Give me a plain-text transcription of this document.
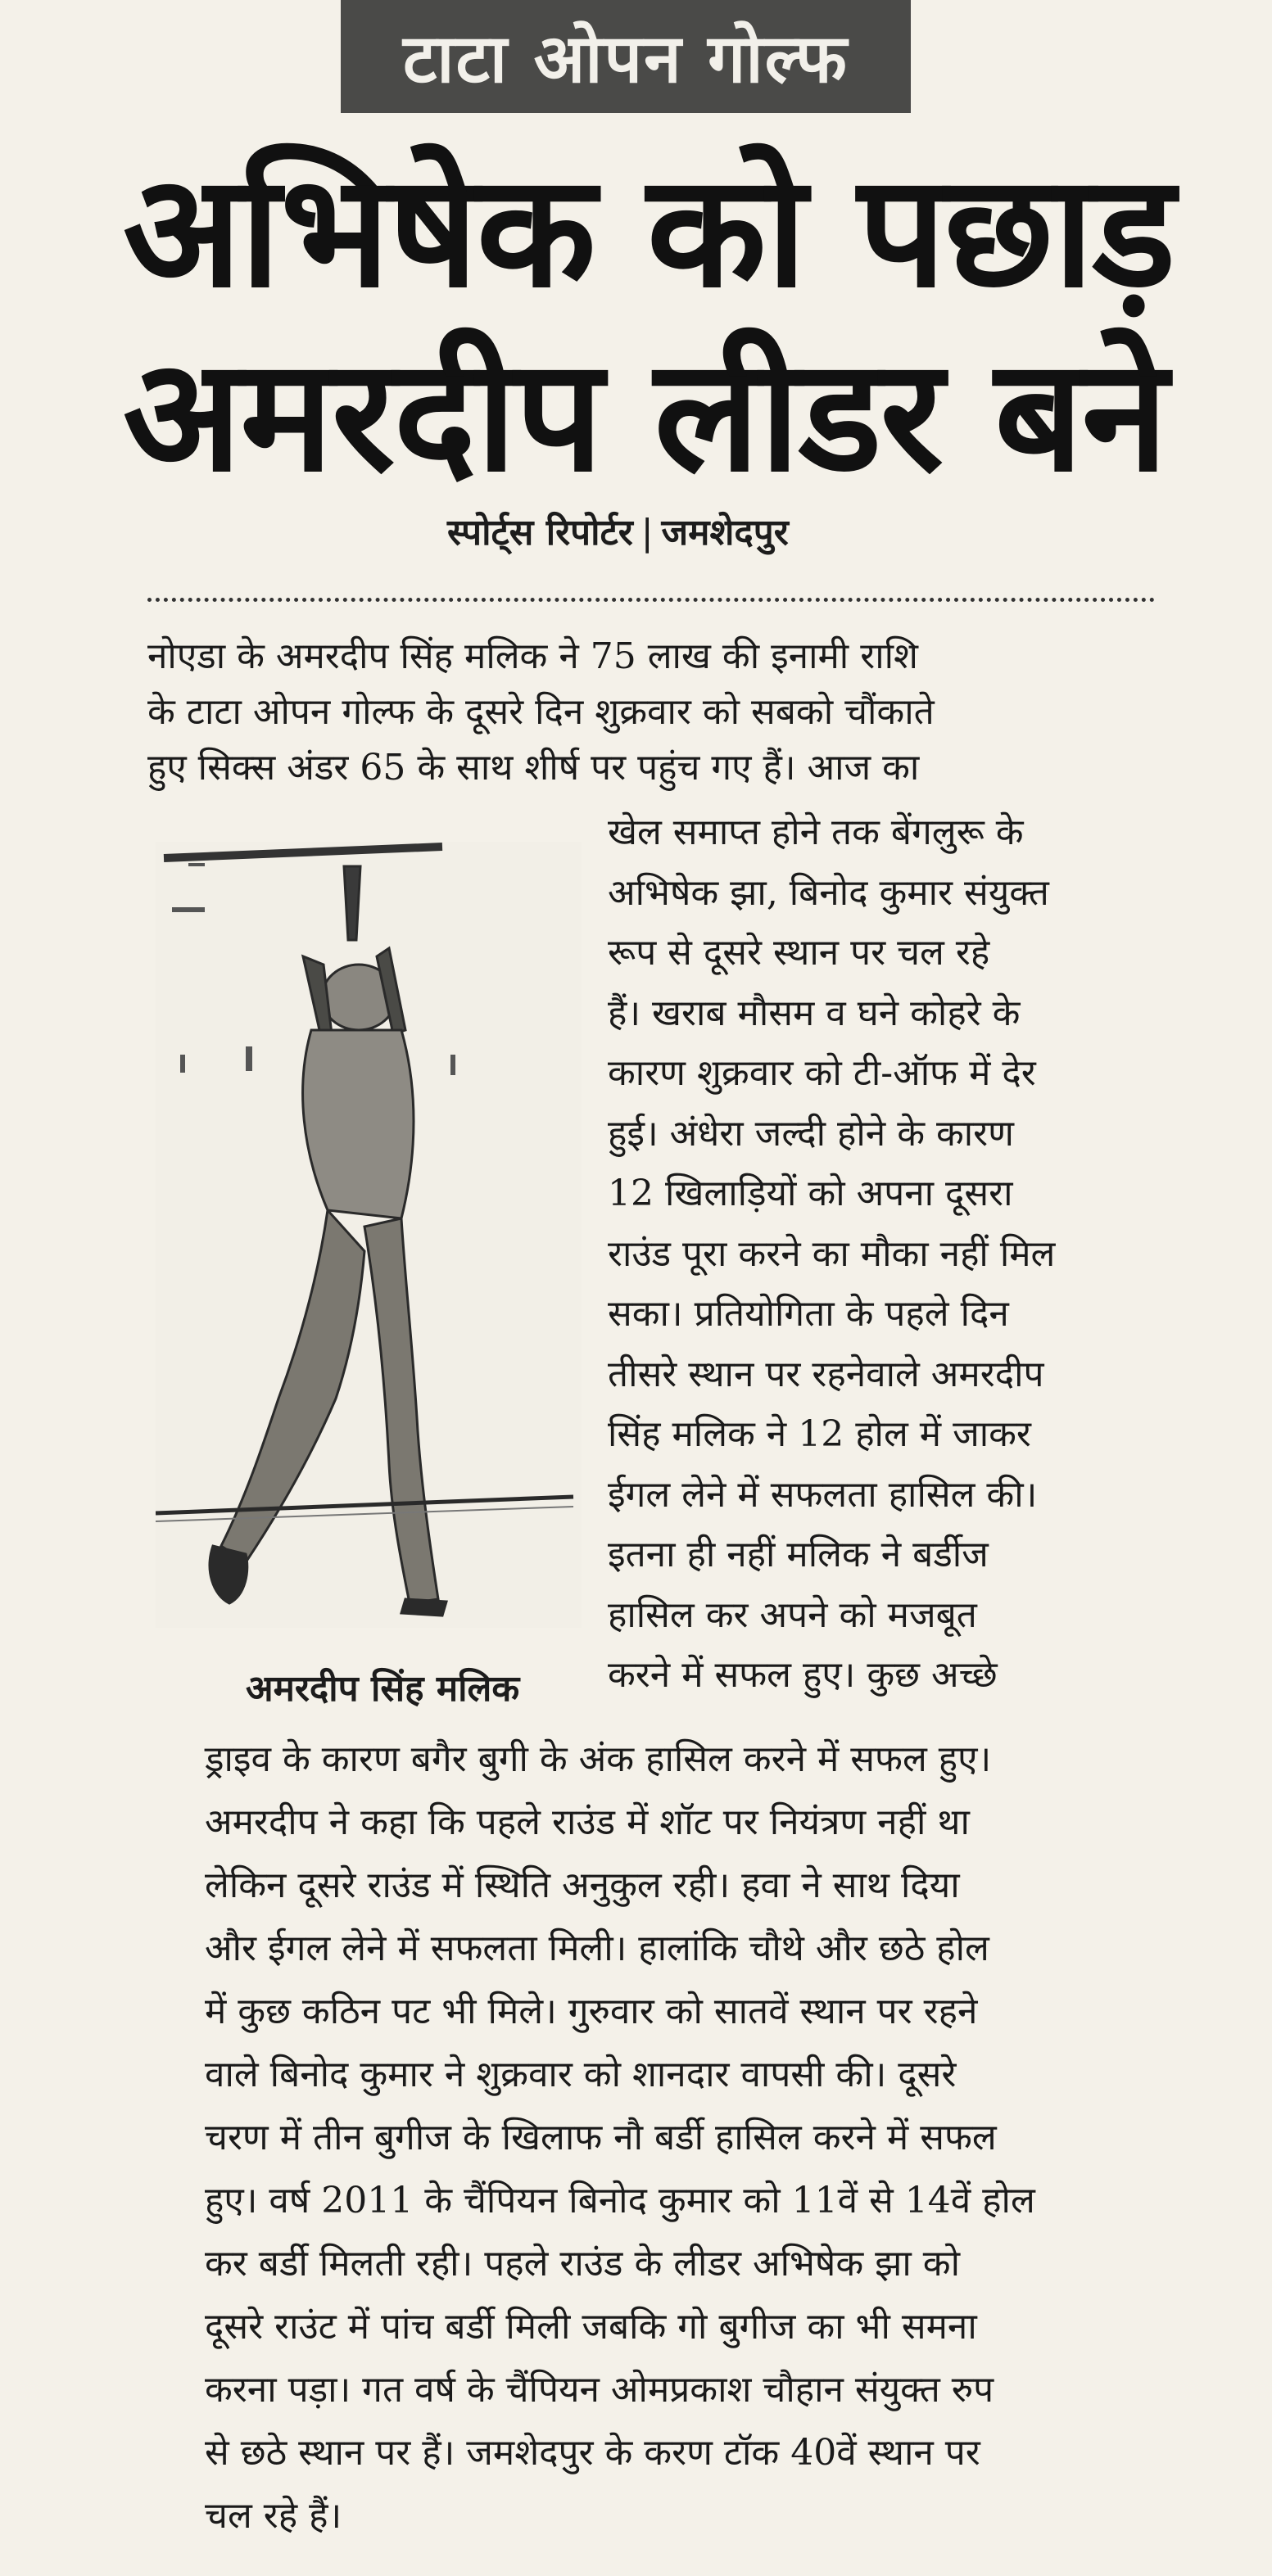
टाटा ओपन गोल्फ
अभिषेक को पछाड़
अमरदीप लीडर बने
स्पोर्ट्स रिपोर्टर | जमशेदपुर
नोएडा के अमरदीप सिंह मलिक ने 75 लाख की इनामी राशि
के टाटा ओपन गोल्फ के दूसरे दिन शुक्रवार को सबको चौंकाते
हुए सिक्स अंडर 65 के साथ शीर्ष पर पहुंच गए हैं। आज का
खेल समाप्त होने तक बेंगलुरू के
अभिषेक झा, बिनोद कुमार संयुक्त
रूप से दूसरे स्थान पर चल रहे
हैं। खराब मौसम व घने कोहरे के
कारण शुक्रवार को टी-ऑफ में देर
हुई। अंधेरा जल्दी होने के कारण
12 खिलाड़ियों को अपना दूसरा
राउंड पूरा करने का मौका नहीं मिल
सका। प्रतियोगिता के पहले दिन
तीसरे स्थान पर रहनेवाले अमरदीप
सिंह मलिक ने 12 होल में जाकर
ईगल लेने में सफलता हासिल की।
इतना ही नहीं मलिक ने बर्डीज
हासिल कर अपने को मजबूत
करने में सफल हुए। कुछ अच्छे
अमरदीप सिंह मलिक
ड्राइव के कारण बगैर बुगी के अंक हासिल करने में सफल हुए।
अमरदीप ने कहा कि पहले राउंड में शॉट पर नियंत्रण नहीं था
लेकिन दूसरे राउंड में स्थिति अनुकुल रही। हवा ने साथ दिया
और ईगल लेने में सफलता मिली। हालांकि चौथे और छठे होल
में कुछ कठिन पट भी मिले। गुरुवार को सातवें स्थान पर रहने
वाले बिनोद कुमार ने शुक्रवार को शानदार वापसी की। दूसरे
चरण में तीन बुगीज के खिलाफ नौ बर्डी हासिल करने में सफल
हुए। वर्ष 2011 के चैंपियन बिनोद कुमार को 11वें से 14वें होल
कर बर्डी मिलती रही। पहले राउंड के लीडर अभिषेक झा को
दूसरे राउंट में पांच बर्डी मिली जबकि गो बुगीज का भी समना
करना पड़ा। गत वर्ष के चैंपियन ओमप्रकाश चौहान संयुक्त रुप
से छठे स्थान पर हैं। जमशेदपुर के करण टॉक 40वें स्थान पर
चल रहे हैं।
